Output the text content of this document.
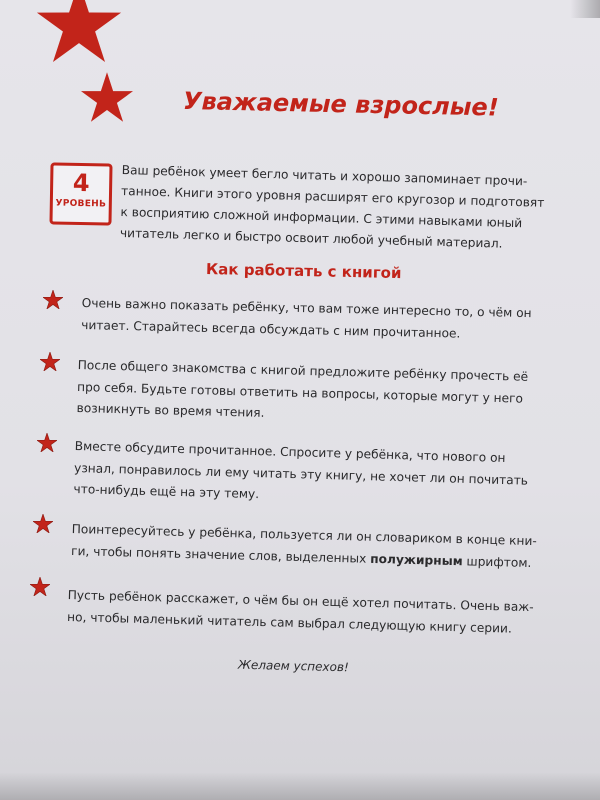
Уважаемые взрослые!
4
УРОВЕНЬ
Ваш ребёнок умеет бегло читать и хорошо запоминает прочи-
танное. Книги этого уровня расширят его кругозор и подготовят
к восприятию сложной информации. С этими навыками юный
читатель легко и быстро освоит любой учебный материал.
Как работать с книгой
Очень важно показать ребёнку, что вам тоже интересно то, о чём он
читает. Старайтесь всегда обсуждать с ним прочитанное.
После общего знакомства с книгой предложите ребёнку прочесть её
про себя. Будьте готовы ответить на вопросы, которые могут у него
возникнуть во время чтения.
Вместе обсудите прочитанное. Спросите у ребёнка, что нового он
узнал, понравилось ли ему читать эту книгу, не хочет ли он почитать
что-нибудь ещё на эту тему.
Поинтересуйтесь у ребёнка, пользуется ли он словариком в конце кни-
ги, чтобы понять значение слов, выделенных полужирным шрифтом.
Пусть ребёнок расскажет, о чём бы он ещё хотел почитать. Очень важ-
но, чтобы маленький читатель сам выбрал следующую книгу серии.
Желаем успехов!
